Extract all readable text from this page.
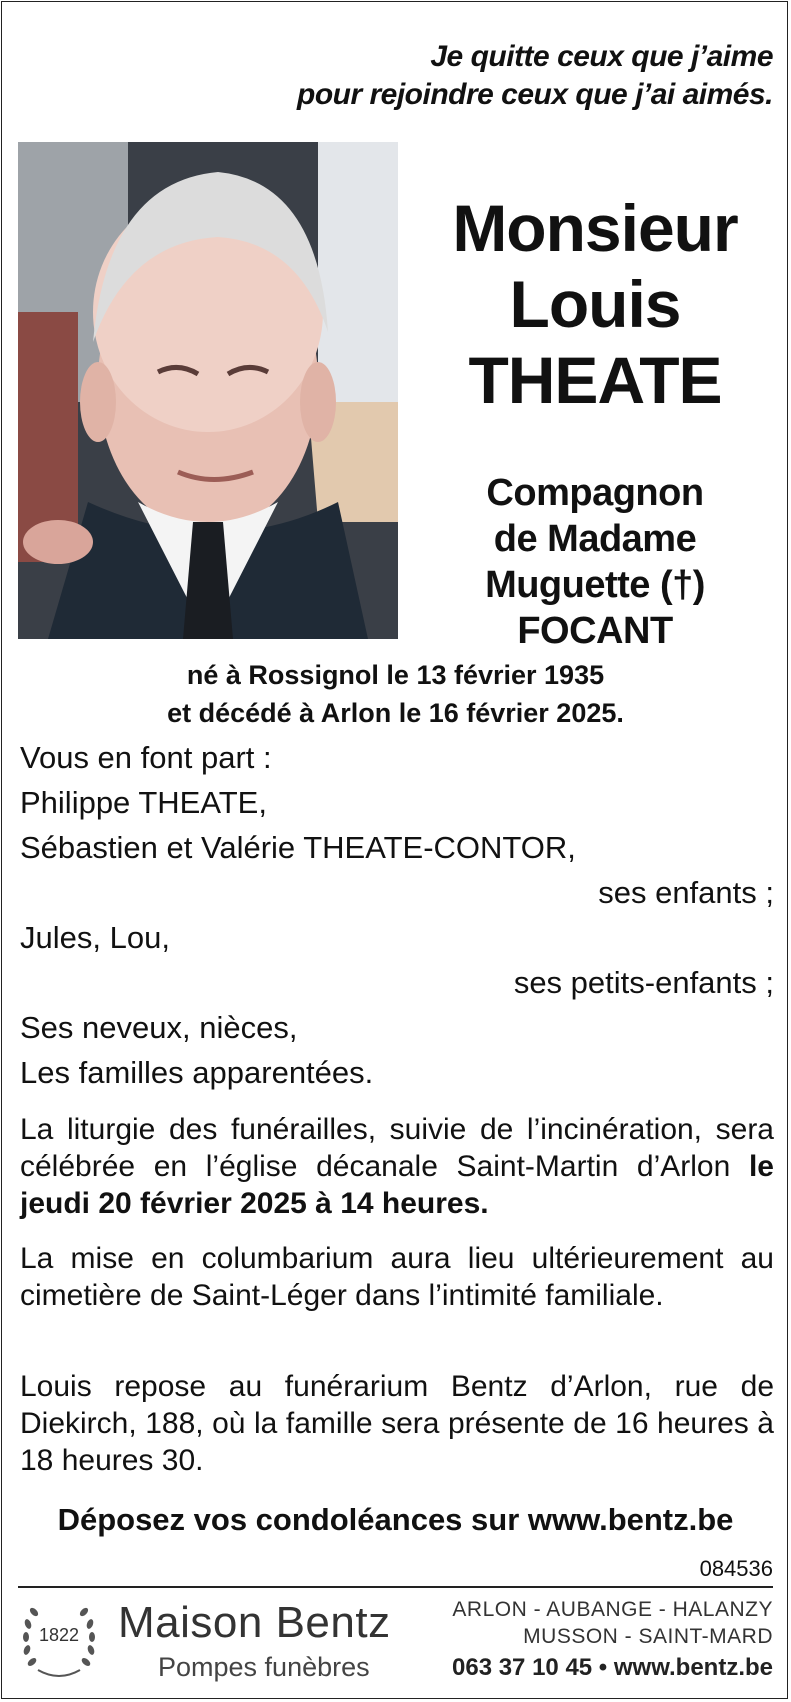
Je quitte ceux que j’aime
pour rejoindre ceux que j’ai aimés.
Monsieur
Louis
THEATE
Compagnon
de Madame
Muguette (†) FOCANT
né à Rossignol le 13 février 1935
et décédé à Arlon le 16 février 2025.
Vous en font part :
Philippe THEATE,
Sébastien et Valérie THEATE-CONTOR,
ses enfants ;
Jules, Lou,
ses petits-enfants ;
Ses neveux, nièces,
Les familles apparentées.
La liturgie des funérailles, suivie de l’incinération, sera célébrée en l’église décanale Saint-Martin d’Arlon le jeudi 20 février 2025 à 14 heures.
La mise en columbarium aura lieu ultérieurement au cimetière de Saint-Léger dans l’intimité familiale.
Louis repose au funérarium Bentz d’Arlon, rue de Diekirch, 188, où la famille sera présente de 16 heures à 18 heures 30.
Déposez vos condoléances sur www.bentz.be
084536
1822 Maison Bentz
Pompes funèbres
ARLON - AUBANGE - HALANZY
MUSSON - SAINT-MARD
063 37 10 45 • www.bentz.be
